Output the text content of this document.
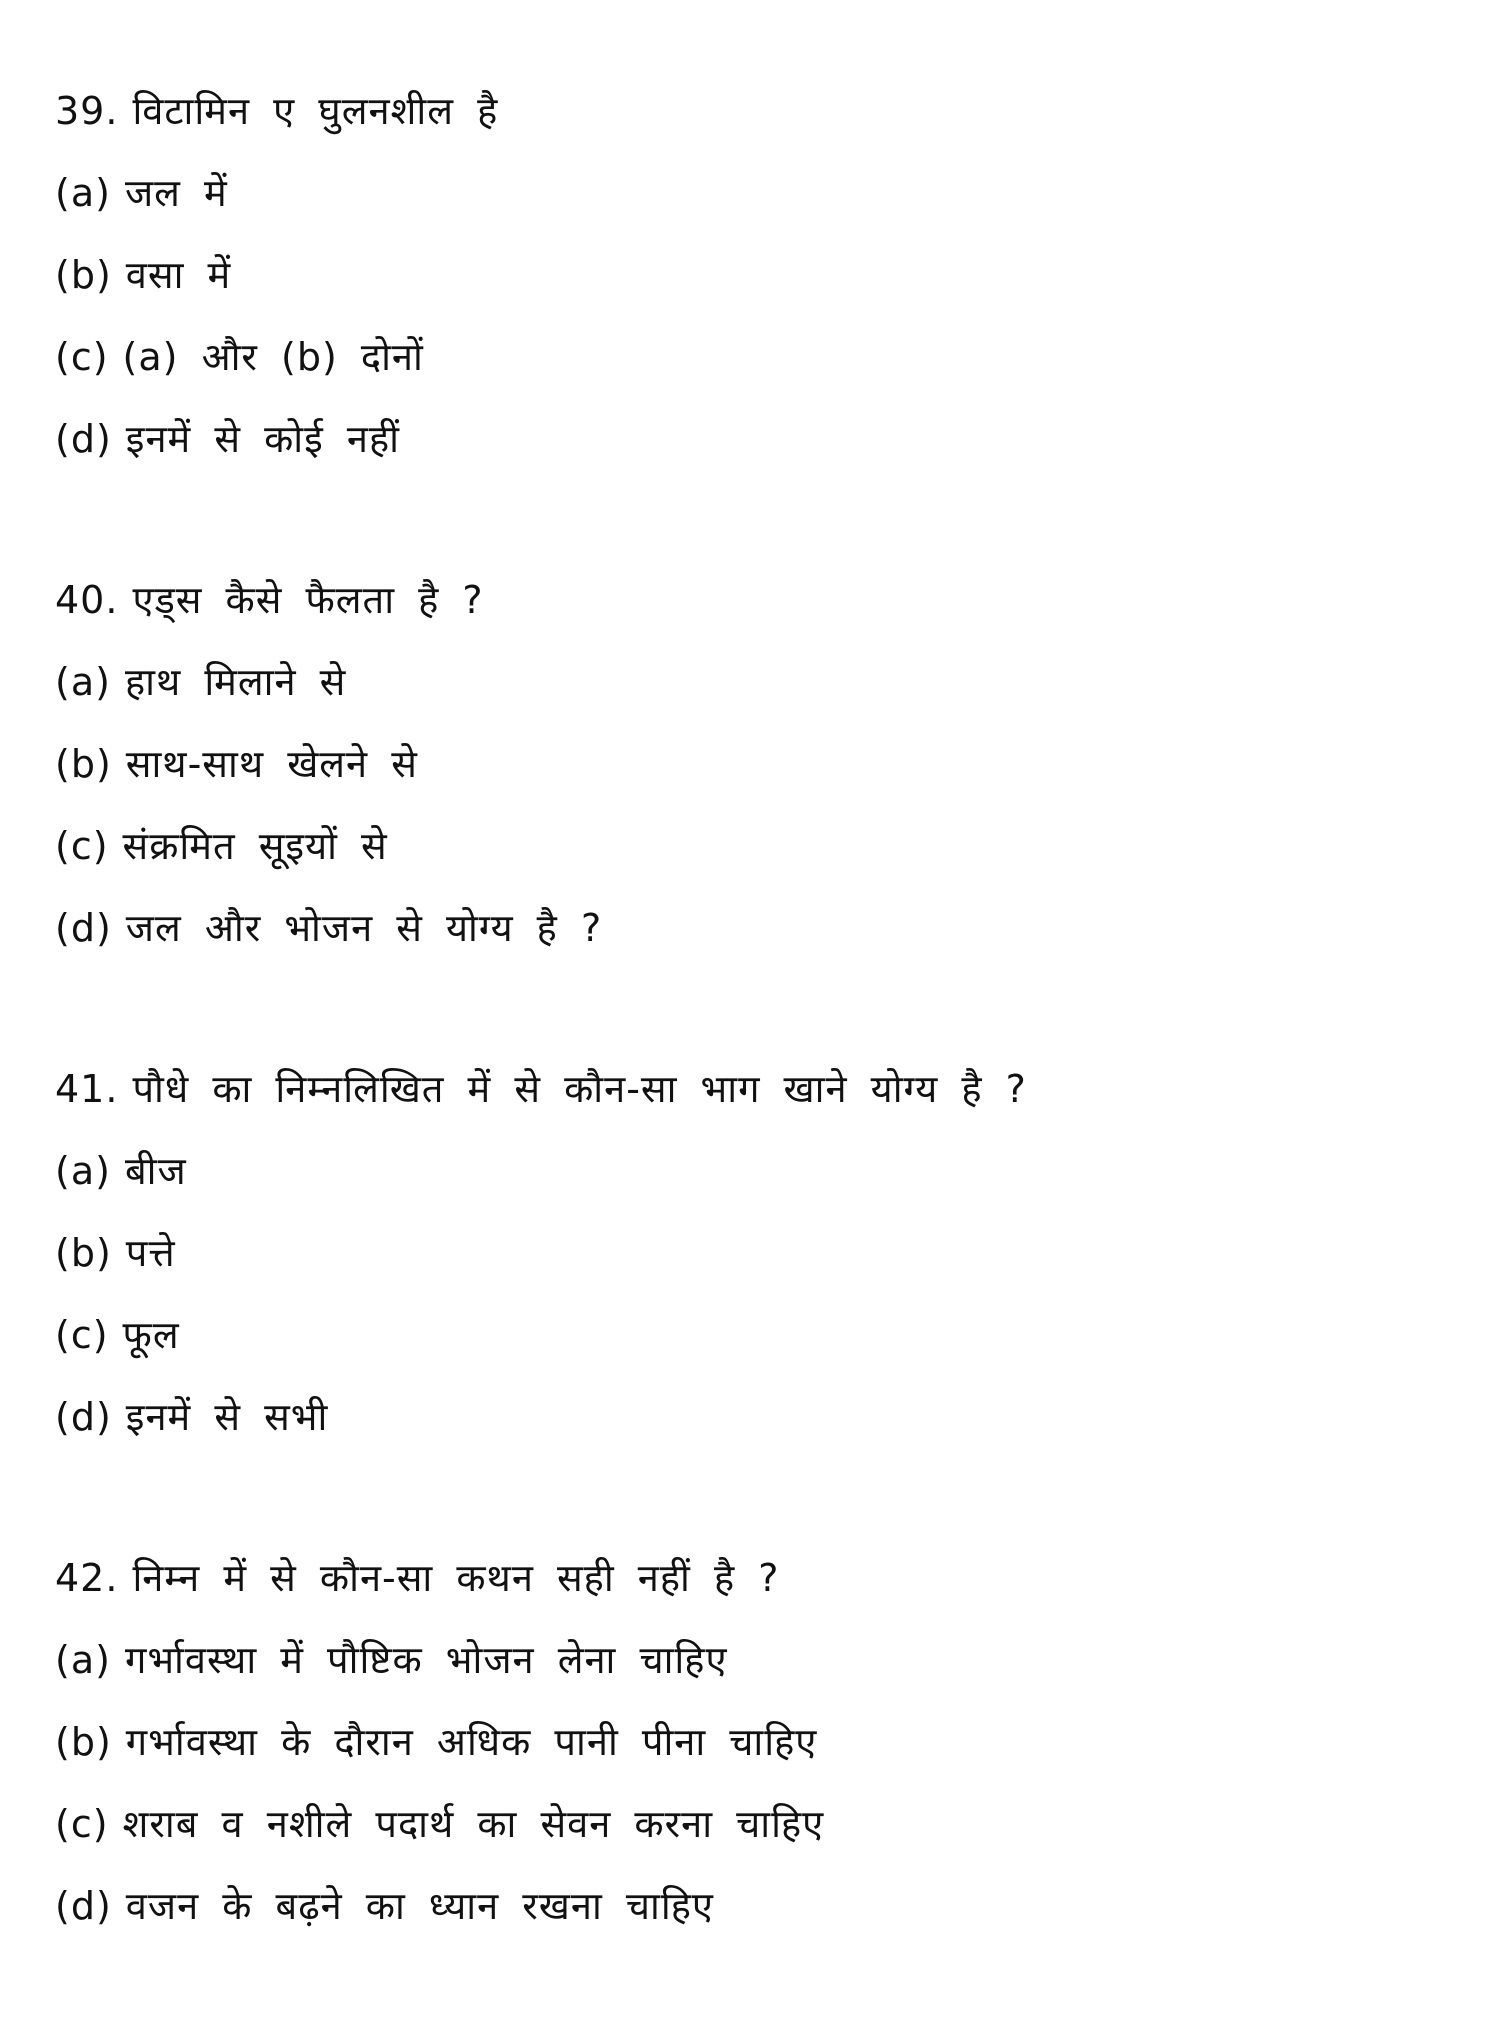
39. विटामिन ए घुलनशील है
(a) जल में
(b) वसा में
(c) (a) और (b) दोनों
(d) इनमें से कोई नहीं
40. एड्स कैसे फैलता है ?
(a) हाथ मिलाने से
(b) साथ-साथ खेलने से
(c) संक्रमित सूइयों से
(d) जल और भोजन से योग्य है ?
41. पौधे का निम्नलिखित में से कौन-सा भाग खाने योग्य है ?
(a) बीज
(b) पत्ते
(c) फूल
(d) इनमें से सभी
42. निम्न में से कौन-सा कथन सही नहीं है ?
(a) गर्भावस्था में पौष्टिक भोजन लेना चाहिए
(b) गर्भावस्था के दौरान अधिक पानी पीना चाहिए
(c) शराब व नशीले पदार्थ का सेवन करना चाहिए
(d) वजन के बढ़ने का ध्यान रखना चाहिए
